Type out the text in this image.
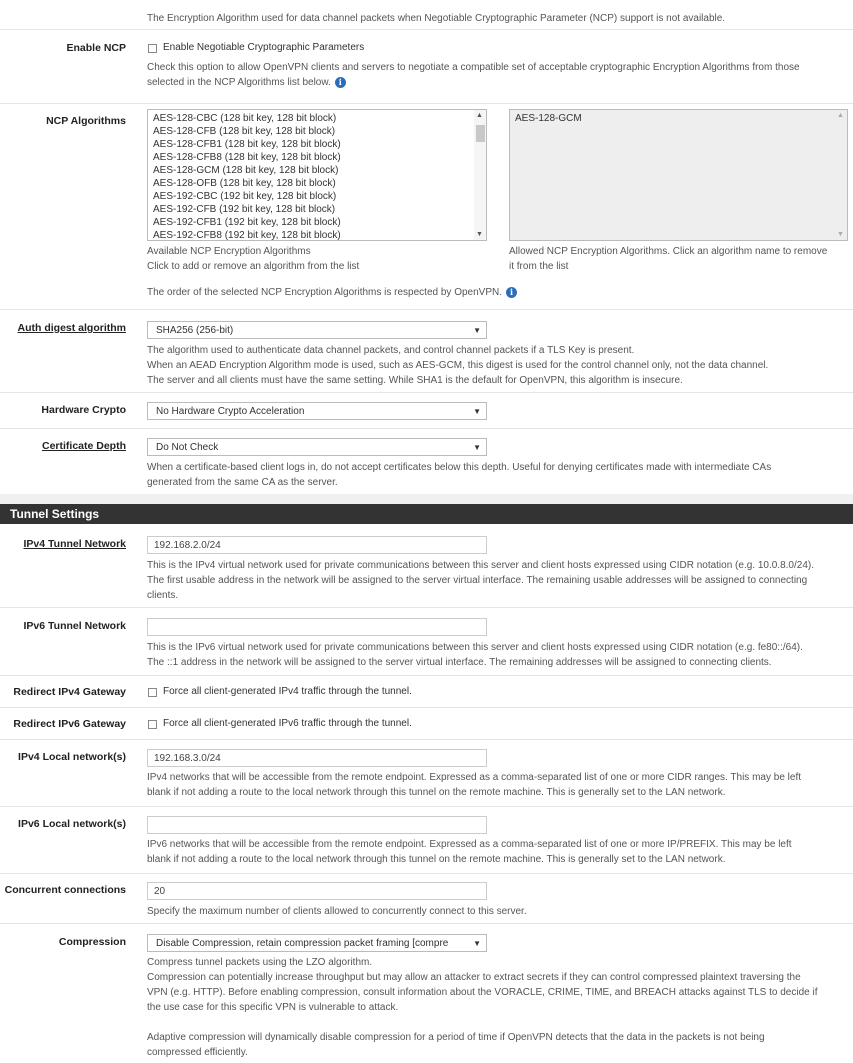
The Encryption Algorithm used for data channel packets when Negotiable Cryptographic Parameter (NCP) support is not available.
Enable NCP	Enable Negotiable Cryptographic Parameters
Check this option to allow OpenVPN clients and servers to negotiate a compatible set of acceptable cryptographic Encryption Algorithms from those
selected in the NCP Algorithms list below. i
NCP Algorithms	AES-128-CBC (128 bit key, 128 bit block)
AES-128-CFB (128 bit key, 128 bit block)
AES-128-CFB1 (128 bit key, 128 bit block)
AES-128-CFB8 (128 bit key, 128 bit block)
AES-128-GCM (128 bit key, 128 bit block)
AES-128-OFB (128 bit key, 128 bit block)
AES-192-CBC (192 bit key, 128 bit block)
AES-192-CFB (192 bit key, 128 bit block)
AES-192-CFB1 (192 bit key, 128 bit block)
AES-192-CFB8 (192 bit key, 128 bit block)
▲
▼
AES-128-GCM	▲
▼
Available NCP Encryption Algorithms
Click to add or remove an algorithm from the list
Allowed NCP Encryption Algorithms. Click an algorithm name to remove
it from the list
The order of the selected NCP Encryption Algorithms is respected by OpenVPN. i
Auth digest algorithm	SHA256 (256-bit)	▼
The algorithm used to authenticate data channel packets, and control channel packets if a TLS Key is present.
When an AEAD Encryption Algorithm mode is used, such as AES-GCM, this digest is used for the control channel only, not the data channel.
The server and all clients must have the same setting. While SHA1 is the default for OpenVPN, this algorithm is insecure.
Hardware Crypto	No Hardware Crypto Acceleration	▼
Certificate Depth	Do Not Check	▼
When a certificate-based client logs in, do not accept certificates below this depth. Useful for denying certificates made with intermediate CAs
generated from the same CA as the server.
Tunnel Settings
IPv4 Tunnel Network	192.168.2.0/24
This is the IPv4 virtual network used for private communications between this server and client hosts expressed using CIDR notation (e.g. 10.0.8.0/24).
The first usable address in the network will be assigned to the server virtual interface. The remaining usable addresses will be assigned to connecting
clients.
IPv6 Tunnel Network
This is the IPv6 virtual network used for private communications between this server and client hosts expressed using CIDR notation (e.g. fe80::/64).
The ::1 address in the network will be assigned to the server virtual interface. The remaining addresses will be assigned to connecting clients.
Redirect IPv4 Gateway	Force all client-generated IPv4 traffic through the tunnel.
Redirect IPv6 Gateway	Force all client-generated IPv6 traffic through the tunnel.
IPv4 Local network(s)	192.168.3.0/24
IPv4 networks that will be accessible from the remote endpoint. Expressed as a comma-separated list of one or more CIDR ranges. This may be left
blank if not adding a route to the local network through this tunnel on the remote machine. This is generally set to the LAN network.
IPv6 Local network(s)
IPv6 networks that will be accessible from the remote endpoint. Expressed as a comma-separated list of one or more IP/PREFIX. This may be left
blank if not adding a route to the local network through this tunnel on the remote machine. This is generally set to the LAN network.
Concurrent connections	20
Specify the maximum number of clients allowed to concurrently connect to this server.
Compression	Disable Compression, retain compression packet framing [compre	▼
Compress tunnel packets using the LZO algorithm.
Compression can potentially increase throughput but may allow an attacker to extract secrets if they can control compressed plaintext traversing the
VPN (e.g. HTTP). Before enabling compression, consult information about the VORACLE, CRIME, TIME, and BREACH attacks against TLS to decide if
the use case for this specific VPN is vulnerable to attack.
Adaptive compression will dynamically disable compression for a period of time if OpenVPN detects that the data in the packets is not being
compressed efficiently.
